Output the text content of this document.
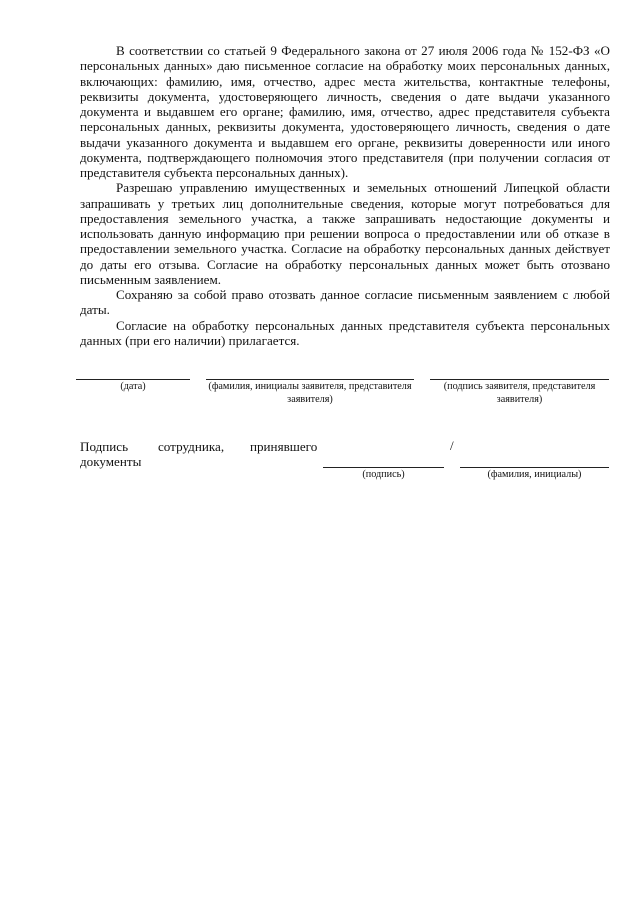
В соответствии со статьей 9 Федерального закона от 27 июля 2006 года № 152-ФЗ «О персональных данных» даю письменное согласие на обработку моих персональных данных, включающих: фамилию, имя, отчество, адрес места жительства, контактные телефоны, реквизиты документа, удостоверяющего личность, сведения о дате выдачи указанного документа и выдавшем его органе; фамилию, имя, отчество, адрес представителя субъекта персональных данных, реквизиты документа, удостоверяющего личность, сведения о дате выдачи указанного документа и выдавшем его органе, реквизиты доверенности или иного документа, подтверждающего полномочия этого представителя (при получении согласия от представителя субъекта персональных данных).

Разрешаю управлению имущественных и земельных отношений Липецкой области запрашивать у третьих лиц дополнительные сведения, которые могут потребоваться для предоставления земельного участка, а также запрашивать недостающие документы и использовать данную информацию при решении вопроса о предоставлении или об отказе в предоставлении земельного участка. Согласие на обработку персональных данных действует до даты его отзыва. Согласие на обработку персональных данных может быть отозвано письменным заявлением.

Сохраняю за собой право отозвать данное согласие письменным заявлением с любой даты.

Согласие на обработку персональных данных представителя субъекта персональных данных (при его наличии) прилагается.

(дата)	(фамилия, инициалы заявителя, представителя заявителя)
(подпись заявителя, представителя заявителя)
Подпись сотрудника, принявшего
документы
/
(подпись)	(фамилия, инициалы)
